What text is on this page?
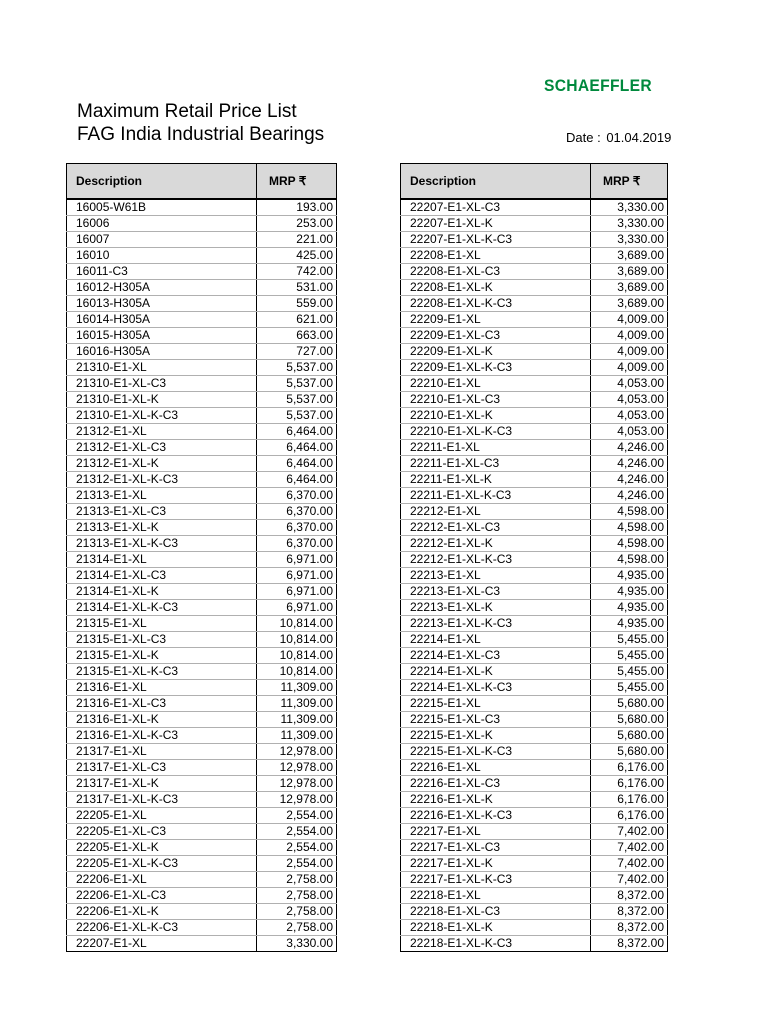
SCHAEFFLER
Maximum Retail Price List
FAG India Industrial Bearings	Date : 01.04.2019
Description	MRP ₹
16005-W61B	193.00
16006	253.00
16007	221.00
16010	425.00
16011-C3	742.00
16012-H305A	531.00
16013-H305A	559.00
16014-H305A	621.00
16015-H305A	663.00
16016-H305A	727.00
21310-E1-XL	5,537.00
21310-E1-XL-C3	5,537.00
21310-E1-XL-K	5,537.00
21310-E1-XL-K-C3	5,537.00
21312-E1-XL	6,464.00
21312-E1-XL-C3	6,464.00
21312-E1-XL-K	6,464.00
21312-E1-XL-K-C3	6,464.00
21313-E1-XL	6,370.00
21313-E1-XL-C3	6,370.00
21313-E1-XL-K	6,370.00
21313-E1-XL-K-C3	6,370.00
21314-E1-XL	6,971.00
21314-E1-XL-C3	6,971.00
21314-E1-XL-K	6,971.00
21314-E1-XL-K-C3	6,971.00
21315-E1-XL	10,814.00
21315-E1-XL-C3	10,814.00
21315-E1-XL-K	10,814.00
21315-E1-XL-K-C3	10,814.00
21316-E1-XL	11,309.00
21316-E1-XL-C3	11,309.00
21316-E1-XL-K	11,309.00
21316-E1-XL-K-C3	11,309.00
21317-E1-XL	12,978.00
21317-E1-XL-C3	12,978.00
21317-E1-XL-K	12,978.00
21317-E1-XL-K-C3	12,978.00
22205-E1-XL	2,554.00
22205-E1-XL-C3	2,554.00
22205-E1-XL-K	2,554.00
22205-E1-XL-K-C3	2,554.00
22206-E1-XL	2,758.00
22206-E1-XL-C3	2,758.00
22206-E1-XL-K	2,758.00
22206-E1-XL-K-C3	2,758.00
22207-E1-XL	3,330.00
Description	MRP ₹
22207-E1-XL-C3	3,330.00
22207-E1-XL-K	3,330.00
22207-E1-XL-K-C3	3,330.00
22208-E1-XL	3,689.00
22208-E1-XL-C3	3,689.00
22208-E1-XL-K	3,689.00
22208-E1-XL-K-C3	3,689.00
22209-E1-XL	4,009.00
22209-E1-XL-C3	4,009.00
22209-E1-XL-K	4,009.00
22209-E1-XL-K-C3	4,009.00
22210-E1-XL	4,053.00
22210-E1-XL-C3	4,053.00
22210-E1-XL-K	4,053.00
22210-E1-XL-K-C3	4,053.00
22211-E1-XL	4,246.00
22211-E1-XL-C3	4,246.00
22211-E1-XL-K	4,246.00
22211-E1-XL-K-C3	4,246.00
22212-E1-XL	4,598.00
22212-E1-XL-C3	4,598.00
22212-E1-XL-K	4,598.00
22212-E1-XL-K-C3	4,598.00
22213-E1-XL	4,935.00
22213-E1-XL-C3	4,935.00
22213-E1-XL-K	4,935.00
22213-E1-XL-K-C3	4,935.00
22214-E1-XL	5,455.00
22214-E1-XL-C3	5,455.00
22214-E1-XL-K	5,455.00
22214-E1-XL-K-C3	5,455.00
22215-E1-XL	5,680.00
22215-E1-XL-C3	5,680.00
22215-E1-XL-K	5,680.00
22215-E1-XL-K-C3	5,680.00
22216-E1-XL	6,176.00
22216-E1-XL-C3	6,176.00
22216-E1-XL-K	6,176.00
22216-E1-XL-K-C3	6,176.00
22217-E1-XL	7,402.00
22217-E1-XL-C3	7,402.00
22217-E1-XL-K	7,402.00
22217-E1-XL-K-C3	7,402.00
22218-E1-XL	8,372.00
22218-E1-XL-C3	8,372.00
22218-E1-XL-K	8,372.00
22218-E1-XL-K-C3	8,372.00
